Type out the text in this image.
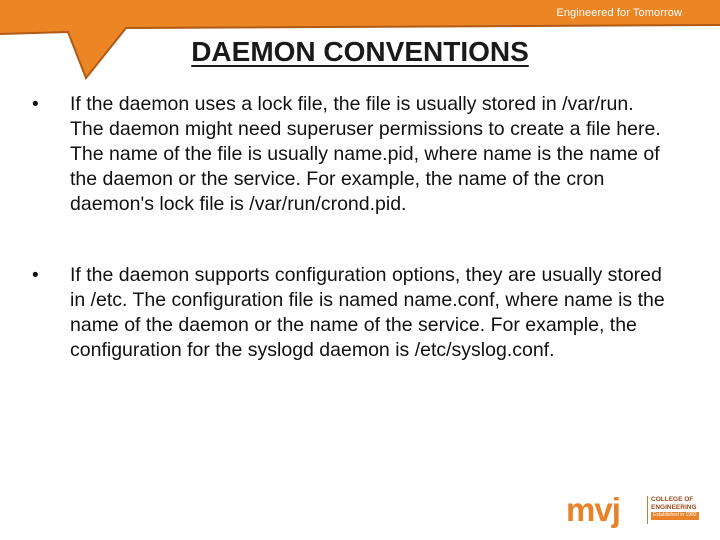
Engineered for Tomorrow
DAEMON CONVENTIONS
•	If the daemon uses a lock file, the file is usually stored in /var/run. The daemon might need superuser permissions to create a file here. The name of the file is usually name.pid, where name is the name of the daemon or the service. For example, the name of the cron daemon's lock file is /var/run/crond.pid.
•	If the daemon supports configuration options, they are usually stored in /etc. The configuration file is named name.conf, where name is the name of the daemon or the name of the service. For example, the configuration for the syslogd daemon is /etc/syslog.conf.
mvj	COLLEGE OF
ENGINEERING
Established in 1982
